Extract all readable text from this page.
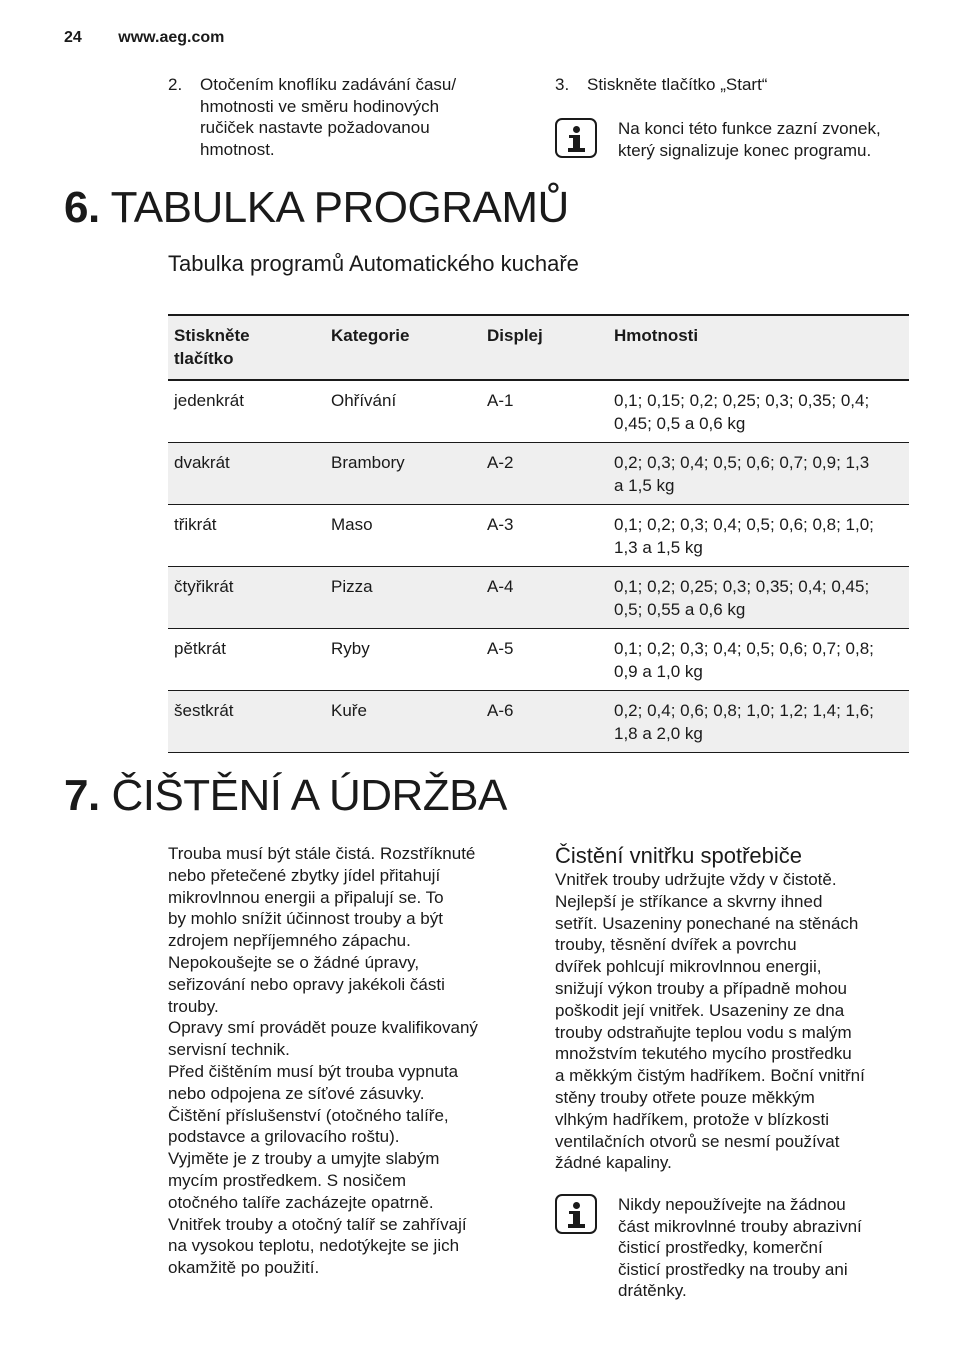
24 www.aeg.com
2. Otočením knoflíku zadávání času/
hmotnosti ve směru hodinových
ručiček nastavte požadovanou
hmotnost.
3. Stiskněte tlačítko „Start“
Na konci této funkce zazní zvonek,
který signalizuje konec programu.
6. TABULKA PROGRAMŮ
Tabulka programů Automatického kuchaře
Stiskněte
tlačítko	Kategorie	Displej	Hmotnosti
jedenkrát	Ohřívání	A-1	0,1; 0,15; 0,2; 0,25; 0,3; 0,35; 0,4;
0,45; 0,5 a 0,6 kg
dvakrát	Brambory	A-2	0,2; 0,3; 0,4; 0,5; 0,6; 0,7; 0,9; 1,3
a 1,5 kg
třikrát	Maso	A-3	0,1; 0,2; 0,3; 0,4; 0,5; 0,6; 0,8; 1,0;
1,3 a 1,5 kg
čtyřikrát	Pizza	A-4	0,1; 0,2; 0,25; 0,3; 0,35; 0,4; 0,45;
0,5; 0,55 a 0,6 kg
pětkrát	Ryby	A-5	0,1; 0,2; 0,3; 0,4; 0,5; 0,6; 0,7; 0,8;
0,9 a 1,0 kg
šestkrát	Kuře	A-6	0,2; 0,4; 0,6; 0,8; 1,0; 1,2; 1,4; 1,6;
1,8 a 2,0 kg
7. ČIŠTĚNÍ A ÚDRŽBA

Trouba musí být stále čistá. Rozstříknuté

nebo přetečené zbytky jídel přitahují

mikrovlnnou energii a připalují se. To

by mohlo snížit účinnost trouby a být

zdrojem nepříjemného zápachu.

Nepokoušejte se o žádné úpravy,

seřizování nebo opravy jakékoli části

trouby.

Opravy smí provádět pouze kvalifikovaný

servisní technik.

Před čištěním musí být trouba vypnuta

nebo odpojena ze síťové zásuvky.

Čištění příslušenství (otočného talíře,

podstavce a grilovacího roštu).

Vyjměte je z trouby a umyjte slabým

mycím prostředkem. S nosičem

otočného talíře zacházejte opatrně.

Vnitřek trouby a otočný talíř se zahřívají

na vysokou teplotu, nedotýkejte se jich

okamžitě po použití.

Čistění vnitřku spotřebiče

Vnitřek trouby udržujte vždy v čistotě.

Nejlepší je stříkance a skvrny ihned

setřít. Usazeniny ponechané na stěnách

trouby, těsnění dvířek a povrchu

dvířek pohlcují mikrovlnnou energii,

snižují výkon trouby a případně mohou

poškodit její vnitřek. Usazeniny ze dna

trouby odstraňujte teplou vodu s malým

množstvím tekutého mycího prostředku

a měkkým čistým hadříkem. Boční vnitřní

stěny trouby otřete pouze měkkým

vlhkým hadříkem, protože v blízkosti

ventilačních otvorů se nesmí používat

žádné kapaliny.

Nikdy nepoužívejte na žádnou
část mikrovlnné trouby abrazivní
čisticí prostředky, komerční
čisticí prostředky na trouby ani
drátěnky.
